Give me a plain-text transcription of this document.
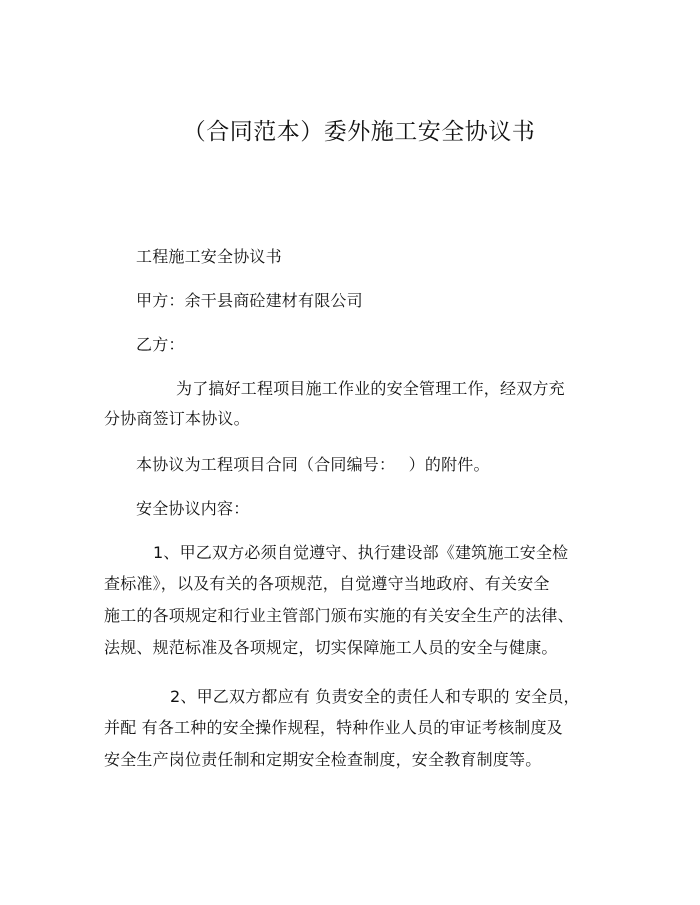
（合同范本）委外施工安全协议书
工程施工安全协议书
甲方：余干县商砼建材有限公司
乙方：
为了搞好工程项目施工作业的安全管理工作，经双方充
分协商签订本协议。
本协议为工程项目合同（合同编号：　 ）的附件。
安全协议内容：
1、甲乙双方必须自觉遵守、执行建设部《建筑施工安全检
查标准》，以及有关的各项规范，自觉遵守当地政府、有关安全
施工的各项规定和行业主管部门颁布实施的有关安全生产的法律、
法规、规范标准及各项规定，切实保障施工人员的安全与健康。
2、甲乙双方都应有 负责安全的责任人和专职的 安全员，
并配 有各工种的安全操作规程，特种作业人员的审证考核制度及
安全生产岗位责任制和定期安全检查制度，安全教育制度等。
